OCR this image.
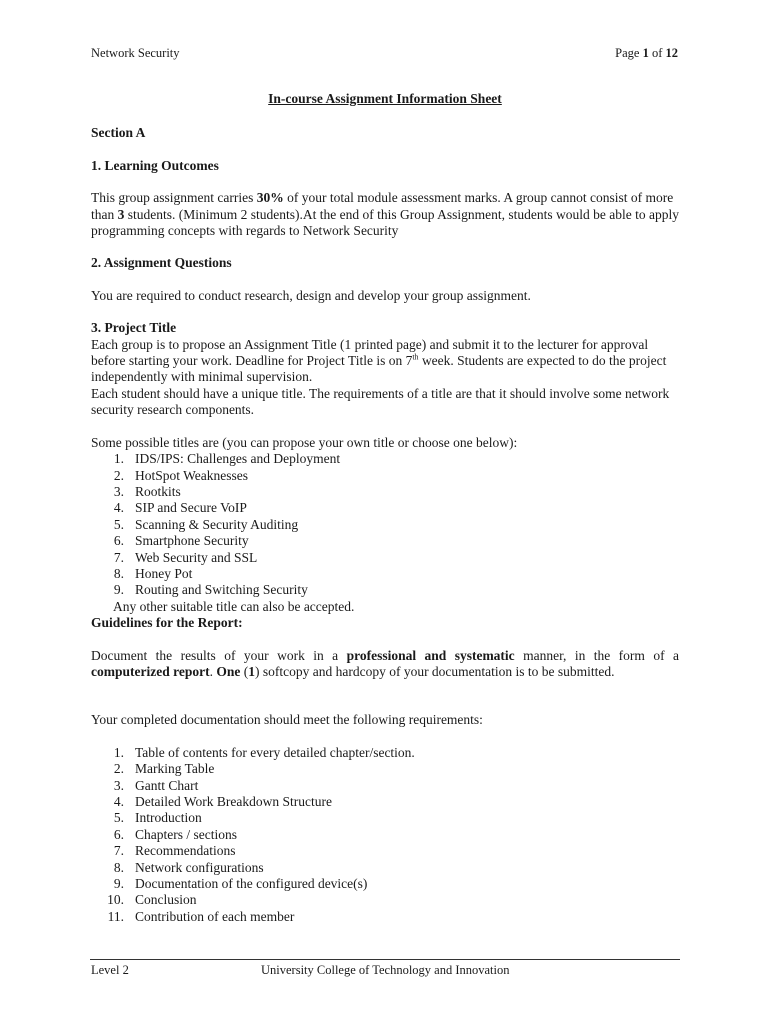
Network Security	Page 1 of 12

In-course Assignment Information Sheet

Section A

1. Learning Outcomes

This group assignment carries 30% of your total module assessment marks. A group cannot consist of more than 3 students. (Minimum 2 students).At the end of this Group Assignment, students would be able to apply programming concepts with regards to Network Security

2. Assignment Questions

You are required to conduct research, design and develop your group assignment.

3. Project Title

Each group is to propose an Assignment Title (1 printed page) and submit it to the lecturer for approval before starting your work. Deadline for Project Title is on 7th week. Students are expected to do the project independently with minimal supervision.

Each student should have a unique title. The requirements of a title are that it should involve some network security research components.

Some possible titles are (you can propose your own title or choose one below):

1. IDS/IPS: Challenges and Deployment
2. HotSpot Weaknesses
3. Rootkits
4. SIP and Secure VoIP
5. Scanning & Security Auditing
6. Smartphone Security
7. Web Security and SSL
8. Honey Pot
9. Routing and Switching Security

Any other suitable title can also be accepted.

Guidelines for the Report:

Document the results of your work in a professional and systematic manner, in the form of a computerized report. One (1) softcopy and hardcopy of your documentation is to be submitted.

Your completed documentation should meet the following requirements:

1. Table of contents for every detailed chapter/section.
2. Marking Table
3. Gantt Chart
4. Detailed Work Breakdown Structure
5. Introduction
6. Chapters / sections
7. Recommendations
8. Network configurations
9. Documentation of the configured device(s)
10. Conclusion
11. Contribution of each member
Level 2	University College of Technology and Innovation
